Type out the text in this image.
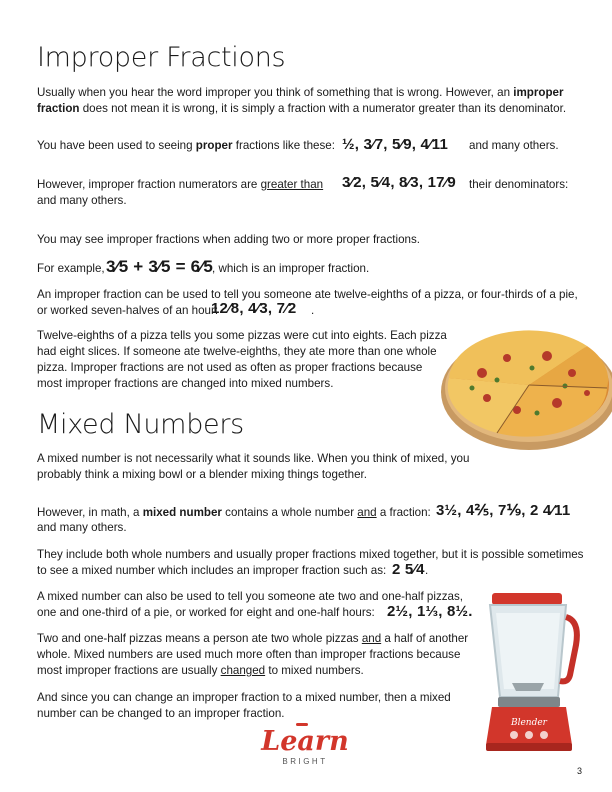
Improper Fractions
Usually when you hear the word improper you think of something that is wrong. However, an improper fraction does not mean it is wrong, it is simply a fraction with a numerator greater than its denominator.
You have been used to seeing proper fractions like these: ½, 3⁄7, 5⁄9, 4⁄11 and many others.
However, improper fraction numerators are greater than 3⁄2, 5⁄4, 8⁄3, 17⁄9 their denominators:
and many others.
You may see improper fractions when adding two or more proper fractions.
For example, 3⁄5 + 3⁄5 = 6⁄5 , which is an improper fraction.
An improper fraction can be used to tell you someone ate twelve-eighths of a pizza, or four-thirds of a pie,
or worked seven-halves of an hour:
12⁄8, 4⁄3, 7⁄2 .
Twelve-eighths of a pizza tells you some pizzas were cut into eights. Each pizza
had eight slices. If someone ate twelve-eighths, they ate more than one whole
pizza. Improper fractions are not used as often as proper fractions because
most improper fractions are changed into mixed numbers.
Mixed Numbers
A mixed number is not necessarily what it sounds like. When you think of mixed, you
probably think a mixing bowl or a blender mixing things together.
However, in math, a mixed number contains a whole number and a fraction: 3½, 4⅖, 7⅑, 2 4⁄11
and many others.
They include both whole numbers and usually proper fractions mixed together, but it is possible sometimes
to see a mixed number which includes an improper fraction such as: 2 5⁄4 .
A mixed number can also be used to tell you someone ate two and one-half pizzas,
one and one-third of a pie, or worked for eight and one-half hours: 2½, 1⅓, 8½.
Two and one-half pizzas means a person ate two whole pizzas and a half of another
whole. Mixed numbers are used much more often than improper fractions because
most improper fractions are usually changed to mixed numbers.
And since you can change an improper fraction to a mixed number, then a mixed
number can be changed to an improper fraction.
Blender
Learn
BRIGHT
3
